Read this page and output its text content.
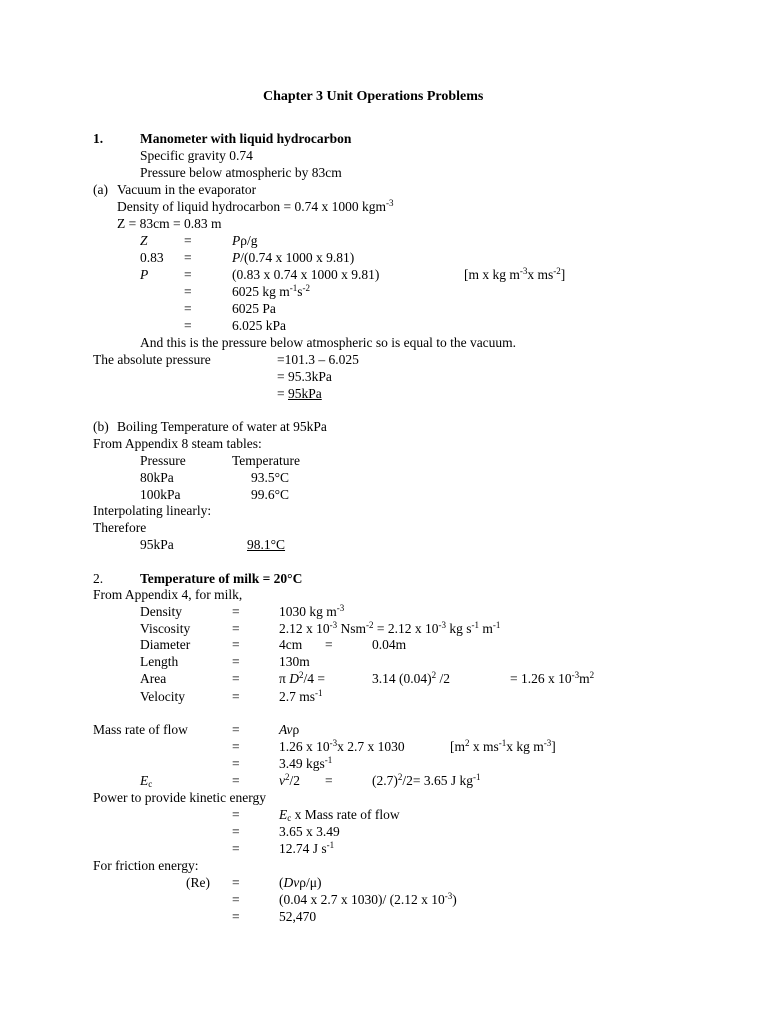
Chapter 3 Unit Operations Problems
1.	Manometer with liquid hydrocarbon
Specific gravity 0.74
Pressure below atmospheric by 83cm
(a) Vacuum in the evaporator
Density of liquid hydrocarbon = 0.74 x 1000 kgm$^{-3}$
Z = 83cm = 0.83 m
Z	=	Pρ/g
0.83 =	P/(0.74 x 1000 x 9.81)
P	=	(0.83 x 0.74 x 1000 x 9.81)	[m x kg $m^{-3}x$ $ms^{-2}$]
=	6025 kg $m^{-1}s^{-2}$
=	6025 Pa
=	6.025 kPa
And this is the pressure below atmospheric so is equal to the vacuum.
The absolute pressure	=101.3 – 6.025
= 95.3kPa
= 95kPa
(b) Boiling Temperature of water at 95kPa
From Appendix 8 steam tables:
Pressure	Temperature
80kPa	93.5°C
100kPa	99.6°C
Interpolating linearly:
Therefore
95kPa	98.1°C
2.	Temperature of milk = 20°C
From Appendix 4, for milk,
Density	=	1030 kg $m^{-3}$
Viscosity	=	2.12 x $10^{-3}$ Nsm$^{-2}$ = 2.12 x $10^{-3}$ kg $s^{-1}$ $m^{-1}$
Diameter	=	4cm =	0.04m
Length	=	130m
Area	=	π $D^2/4$ =	3.14 $(0.04)^2$ /2	= 1.26 x $10^{-3}m^2$
Velocity	=	2.7 $ms^{-1}$
Mass rate of flow	=	Avρ
=	1.26 x $10^{-3}x$ 2.7 x 1030	[$m^2$ x $ms^{-1}x$ kg $m^{-3}$]
=	3.49 kgs$^{-1}$
$E_c$	=	$v^2/2$ =	$(2.7)^2/2= 3.65$ J $kg^{-1}$
Power to provide kinetic energy
=	$E_c$ x Mass rate of flow
=	3.65 x 3.49
=	12.74 J $s^{-1}$
For friction energy:
(Re) =	(Dvρ/μ)
=	(0.04 x 2.7 x 1030)/ (2.12 x $10^{-3}$)
=	52,470
